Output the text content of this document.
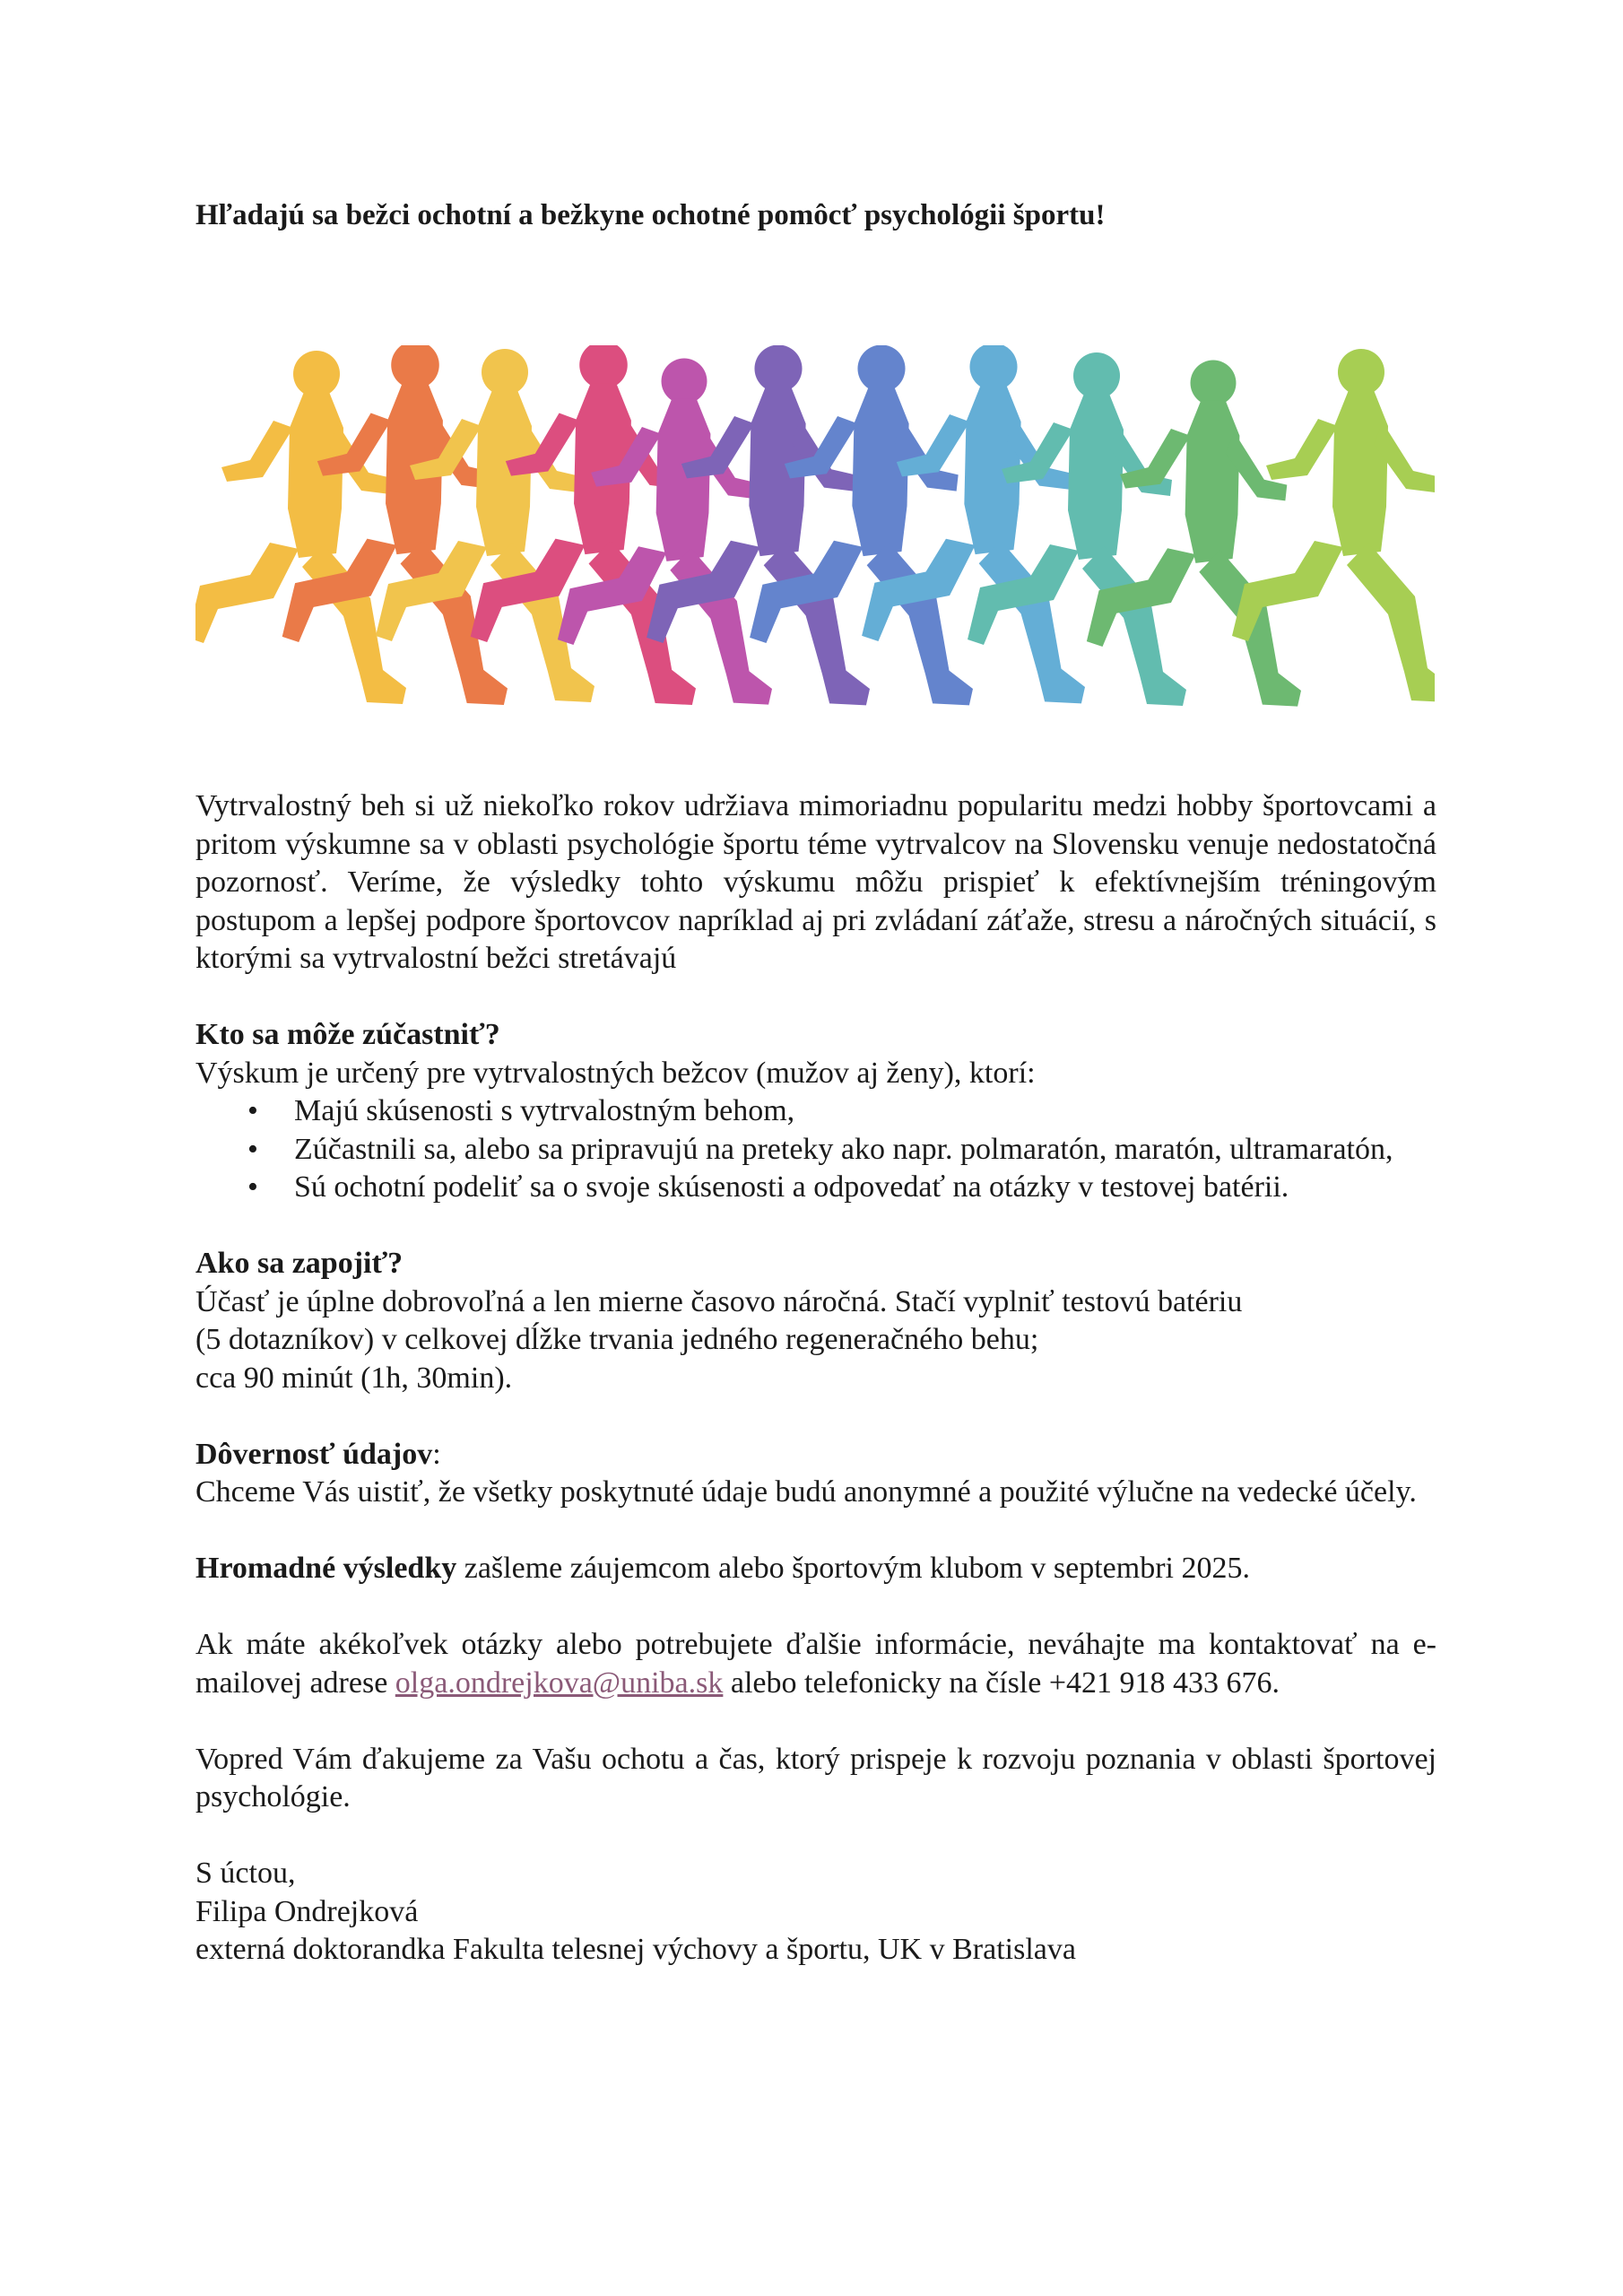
Hľadajú sa bežci ochotní a bežkyne ochotné pomôcť psychológii športu!

Vytrvalostný beh si už niekoľko rokov udržiava mimoriadnu popularitu medzi hobby športovcami a pritom výskumne sa v oblasti psychológie športu téme vytrvalcov na Slovensku venuje nedostatočná pozornosť. Veríme, že výsledky tohto výskumu môžu prispieť k efektívnejším tréningovým postupom a lepšej podpore športovcov napríklad aj pri zvládaní záťaže, stresu a náročných situácií, s ktorými sa vytrvalostní bežci stretávajú

Kto sa môže zúčastniť?

Výskum je určený pre vytrvalostných bežcov (mužov aj ženy), ktorí:

• Majú skúsenosti s vytrvalostným behom,
• Zúčastnili sa, alebo sa pripravujú na preteky ako napr. polmaratón, maratón, ultramaratón,
• Sú ochotní podeliť sa o svoje skúsenosti a odpovedať na otázky v testovej batérii.

Ako sa zapojiť?

Účasť je úplne dobrovoľná a len mierne časovo náročná. Stačí vyplniť testovú batériu

(5 dotazníkov) v celkovej dĺžke trvania jedného regeneračného behu;

cca 90 minút (1h, 30min).

Dôvernosť údajov:

Chceme Vás uistiť, že všetky poskytnuté údaje budú anonymné a použité výlučne na vedecké účely.

Hromadné výsledky zašleme záujemcom alebo športovým klubom v septembri 2025.

Ak máte akékoľvek otázky alebo potrebujete ďalšie informácie, neváhajte ma kontaktovať na e-mailovej adrese olga.ondrejkova@uniba.sk alebo telefonicky na čísle +421 918 433 676.

Vopred Vám ďakujeme za Vašu ochotu a čas, ktorý prispeje k rozvoju poznania v oblasti športovej psychológie.

S úctou,

Filipa Ondrejková

externá doktorandka Fakulta telesnej výchovy a športu, UK v Bratislava
